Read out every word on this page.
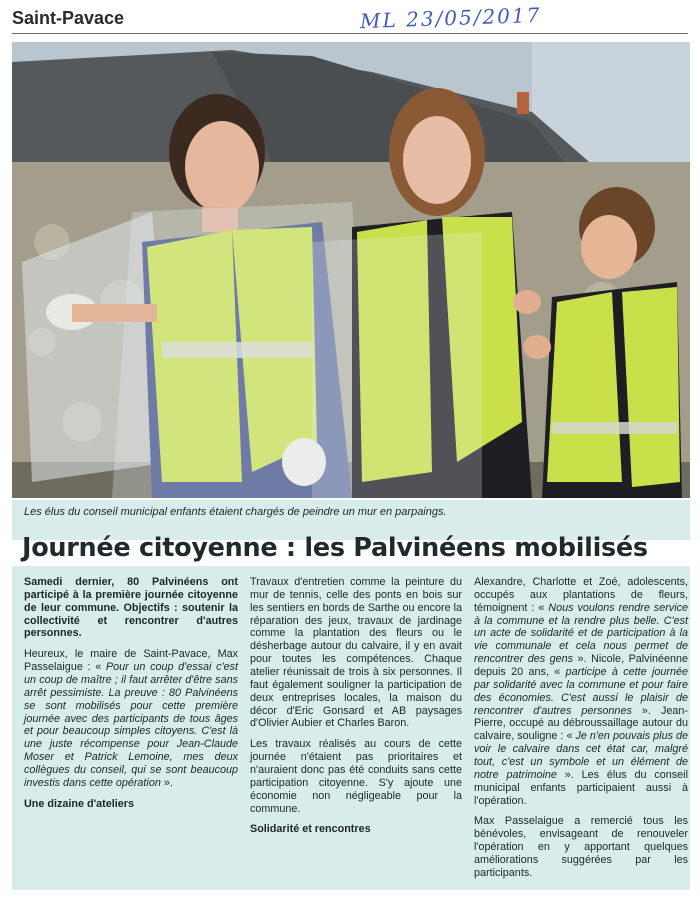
Saint-Pavace	ML 23/05/2017
Les élus du conseil municipal enfants étaient chargés de peindre un mur en parpaings.
Journée citoyenne : les Palvinéens mobilisés

Samedi dernier, 80 Palvinéens ont participé à la première journée citoyenne de leur commune. Objectifs : soutenir la collectivité et rencontrer d'autres personnes.

Heureux, le maire de Saint-Pavace, Max Passelaigue : « Pour un coup d'essai c'est un coup de maître ; il faut arrêter d'être sans arrêt pessimiste. La preuve : 80 Palvinéens se sont mobilisés pour cette première journée avec des participants de tous âges et pour beaucoup simples citoyens. C'est là une juste récompense pour Jean-Claude Moser et Patrick Lemoine, mes deux collègues du conseil, qui se sont beaucoup investis dans cette opération ».

Une dizaine d'ateliers

Travaux d'entretien comme la peinture du mur de tennis, celle des ponts en bois sur les sentiers en bords de Sarthe ou encore la réparation des jeux, travaux de jardinage comme la plantation des fleurs ou le désherbage autour du calvaire, il y en avait pour toutes les compétences. Chaque atelier réunissait de trois à six personnes. Il faut également souligner la participation de deux entreprises locales, la maison du décor d'Eric Gonsard et AB paysages d'Olivier Aubier et Charles Baron.

Les travaux réalisés au cours de cette journée n'étaient pas prioritaires et n'auraient donc pas été conduits sans cette participation citoyenne. S'y ajoute une économie non négligeable pour la commune.

Solidarité et rencontres

Alexandre, Charlotte et Zoé, adolescents, occupés aux plantations de fleurs, témoignent : « Nous voulons rendre service à la commune et la rendre plus belle. C'est un acte de solidarité et de participation à la vie communale et cela nous permet de rencontrer des gens ». Nicole, Palvinéenne depuis 20 ans, « participe à cette journée par solidarité avec la commune et pour faire des économies. C'est aussi le plaisir de rencontrer d'autres personnes ». Jean-Pierre, occupé au débroussaillage autour du calvaire, souligne : « Je n'en pouvais plus de voir le calvaire dans cet état car, malgré tout, c'est un symbole et un élément de notre patrimoine ». Les élus du conseil municipal enfants participaient aussi à l'opération.

Max Passelaigue a remercié tous les bénévoles, envisageant de renouveler l'opération en y apportant quelques améliorations suggérées par les participants.
